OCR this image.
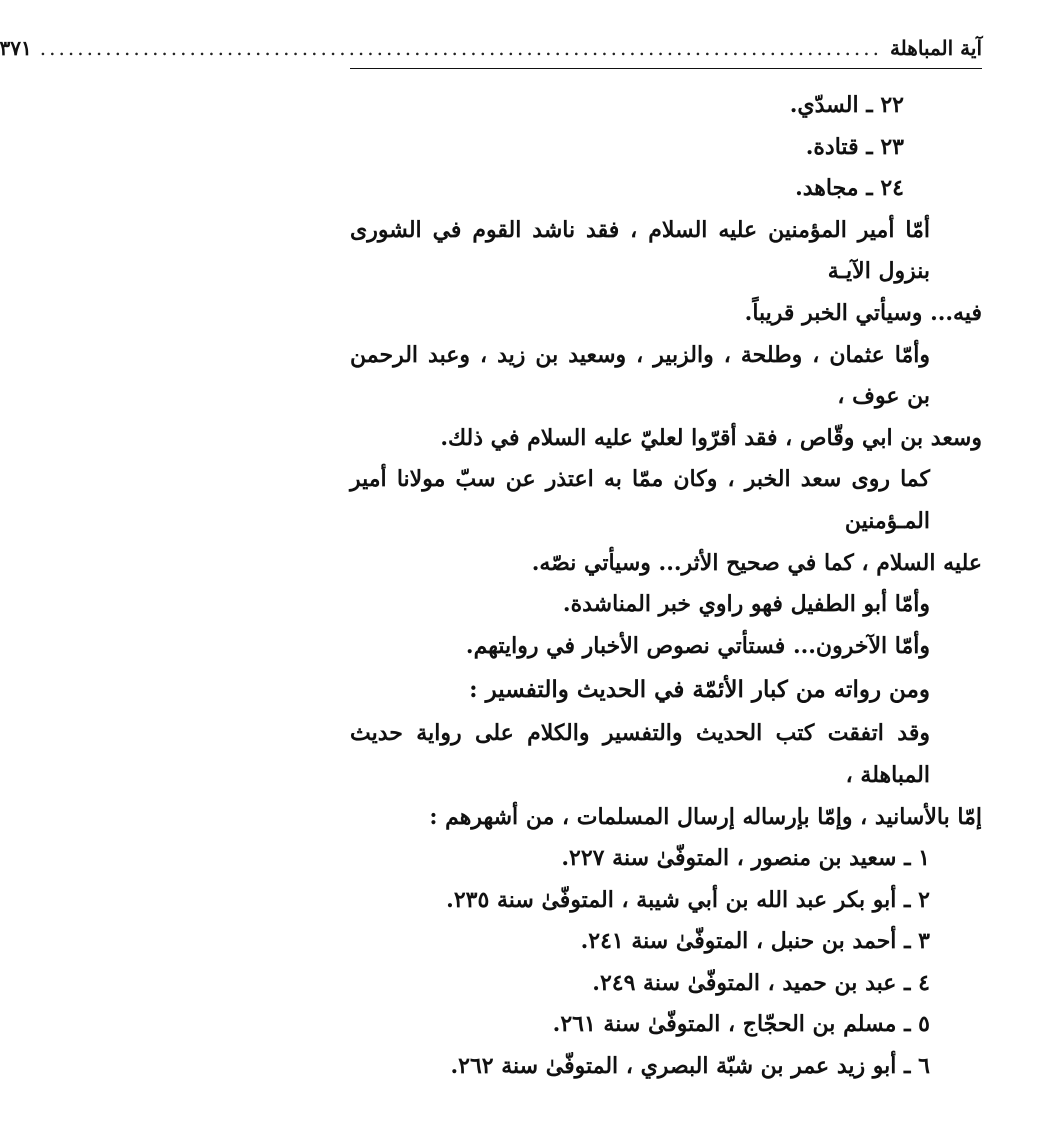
آية المباهلة
..........................................................................................
٣٧١

٢٢ ـ السدّي.

٢٣ ـ قتادة.

٢٤ ـ مجاهد.

أمّا أمير المؤمنين عليه السلام ، فقد ناشد القوم في الشورى بنزول الآيـة

فيه... وسيأتي الخبر قريباً.

وأمّا عثمان ، وطلحة ، والزبير ، وسعيد بن زيد ، وعبد الرحمن بن عوف ،

وسعد بن ابي وقّاص ، فقد أقرّوا لعليّ عليه السلام في ذلك.

كما روى سعد الخبر ، وكان ممّا به اعتذر عن سبّ مولانا أمير المـؤمنين

عليه السلام ، كما في صحيح الأثر... وسيأتي نصّه.

وأمّا أبو الطفيل فهو راوي خبر المناشدة.

وأمّا الآخرون... فستأتي نصوص الأخبار في روايتهم.

ومن رواته من كبار الأئمّة في الحديث والتفسير :

وقد اتفقت كتب الحديث والتفسير والكلام على رواية حديث المباهلة ،

إمّا بالأسانيد ، وإمّا بإرساله إرسال المسلمات ، من أشهرهم :

١ ـ سعيد بن منصور ، المتوفّىٰ سنة ٢٢٧.

٢ ـ أبو بكر عبد الله بن أبي شيبة ، المتوفّىٰ سنة ٢٣٥.

٣ ـ أحمد بن حنبل ، المتوفّىٰ سنة ٢٤١.

٤ ـ عبد بن حميد ، المتوفّىٰ سنة ٢٤٩.

٥ ـ مسلم بن الحجّاج ، المتوفّىٰ سنة ٢٦١.

٦ ـ أبو زيد عمر بن شبّة البصري ، المتوفّىٰ سنة ٢٦٢.
